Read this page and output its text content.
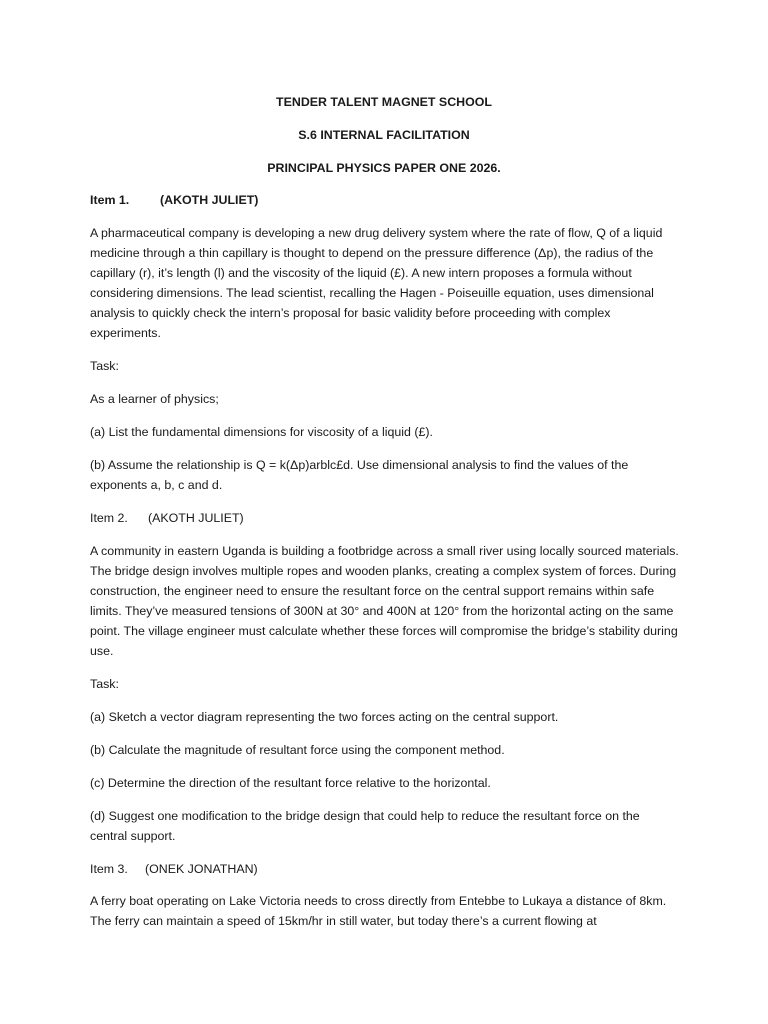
TENDER TALENT MAGNET SCHOOL
S.6 INTERNAL FACILITATION
PRINCIPAL PHYSICS PAPER ONE 2026.
Item 1. (AKOTH JULIET)

A pharmaceutical company is developing a new drug delivery system where the rate of flow, Q of a liquid medicine through a thin capillary is thought to depend on the pressure difference (Δp), the radius of the capillary (r), it’s length (l) and the viscosity of the liquid (£). A new intern proposes a formula without considering dimensions. The lead scientist, recalling the Hagen - Poiseuille equation, uses dimensional analysis to quickly check the intern’s proposal for basic validity before proceeding with complex experiments.

Task:

As a learner of physics;

(a) List the fundamental dimensions for viscosity of a liquid (£).

(b) Assume the relationship is Q = k(Δp)arblc£d. Use dimensional analysis to find the values of the exponents a, b, c and d.

Item 2. (AKOTH JULIET)

A community in eastern Uganda is building a footbridge across a small river using locally sourced materials. The bridge design involves multiple ropes and wooden planks, creating a complex system of forces. During construction, the engineer need to ensure the resultant force on the central support remains within safe limits. They’ve measured tensions of 300N at 30° and 400N at 120° from the horizontal acting on the same point. The village engineer must calculate whether these forces will compromise the bridge’s stability during use.

Task:

(a) Sketch a vector diagram representing the two forces acting on the central support.

(b) Calculate the magnitude of resultant force using the component method.

(c) Determine the direction of the resultant force relative to the horizontal.

(d) Suggest one modification to the bridge design that could help to reduce the resultant force on the central support.

Item 3. (ONEK JONATHAN)

A ferry boat operating on Lake Victoria needs to cross directly from Entebbe to Lukaya a distance of 8km. The ferry can maintain a speed of 15km/hr in still water, but today there’s a current flowing at
